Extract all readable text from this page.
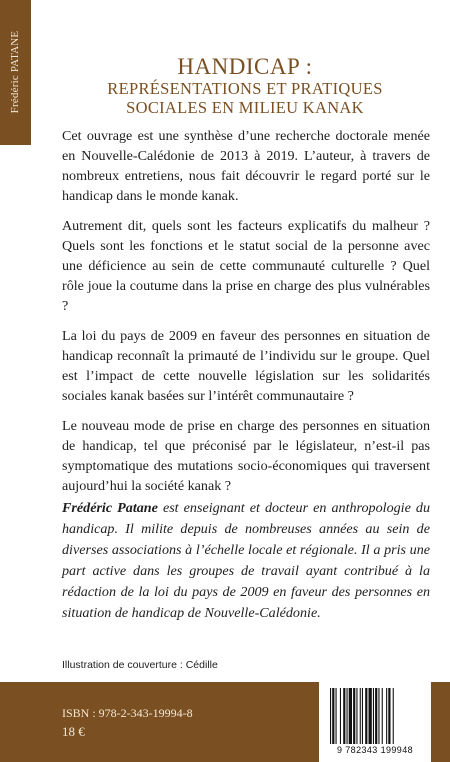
Frédéric PATANE	HANDICAP :
REPRÉSENTATIONS ET PRATIQUES
SOCIALES EN MILIEU KANAK

Cet ouvrage est une synthèse d’une recherche doctorale menée en Nouvelle-Calédonie de 2013 à 2019. L’auteur, à travers de nombreux entretiens, nous fait découvrir le regard porté sur le handicap dans le monde kanak.

Autrement dit, quels sont les facteurs explicatifs du malheur ? Quels sont les fonctions et le statut social de la personne avec une déficience au sein de cette communauté culturelle ? Quel rôle joue la coutume dans la prise en charge des plus vulnérables ?

La loi du pays de 2009 en faveur des personnes en situation de handicap reconnaît la primauté de l’individu sur le groupe. Quel est l’impact de cette nouvelle législation sur les solidarités sociales kanak basées sur l’intérêt communautaire ?

Le nouveau mode de prise en charge des personnes en situation de handicap, tel que préconisé par le législateur, n’est-il pas symptomatique des mutations socio-économiques qui traversent aujourd’hui la société kanak ?

Frédéric Patane est enseignant et docteur en anthropologie du handicap. Il milite depuis de nombreuses années au sein de diverses associations à l’échelle locale et régionale. Il a pris une part active dans les groupes de travail ayant contribué à la rédaction de la loi du pays de 2009 en faveur des personnes en situation de handicap de Nouvelle-Calédonie.
Illustration de couverture : Cédille
ISBN : 978-2-343-19994-8
18 €
9 782343 199948
